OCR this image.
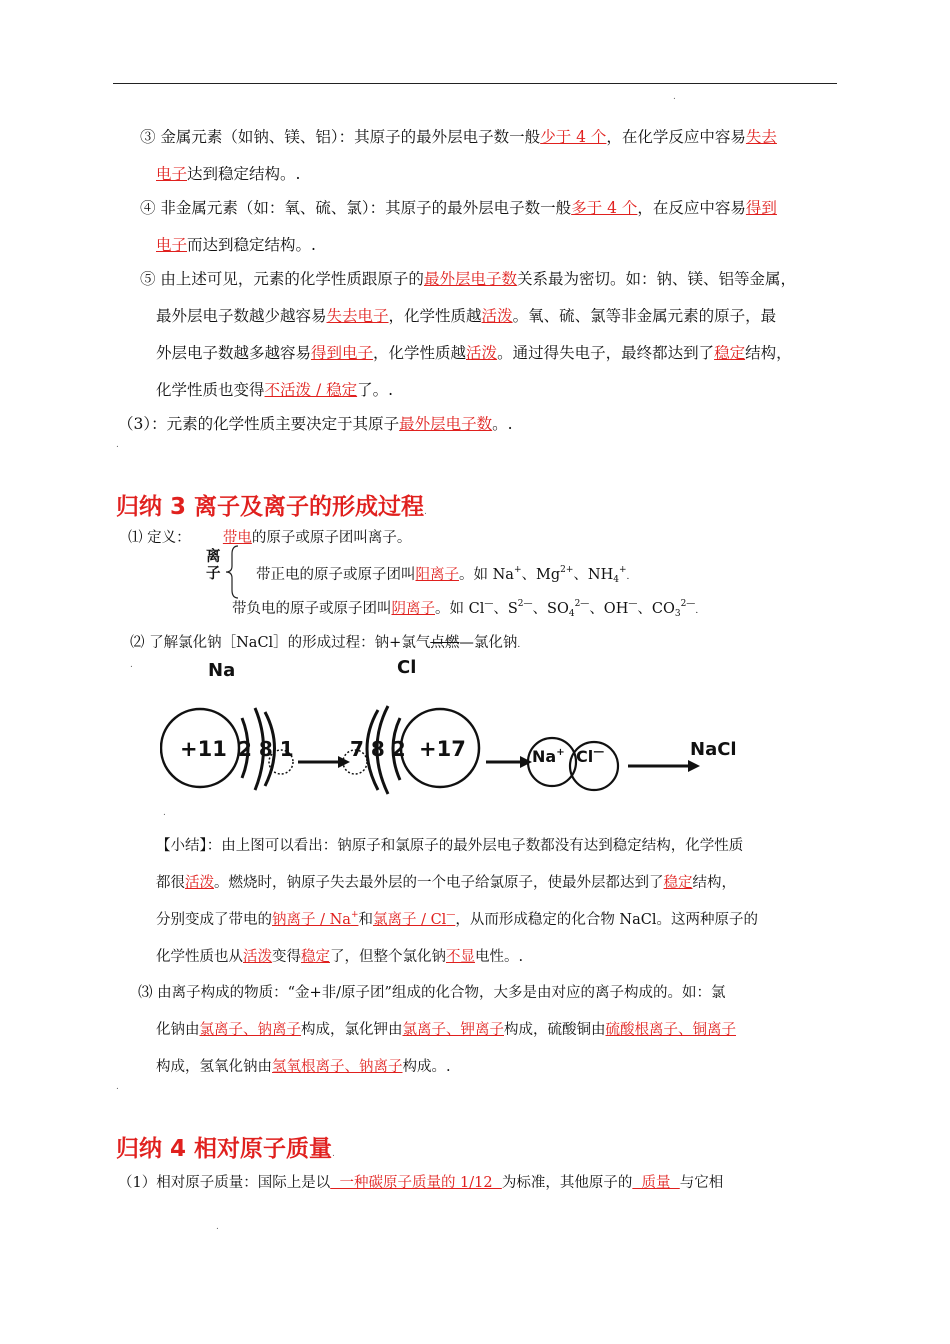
.
③ 金属元素（如钠、镁、铝）：其原子的最外层电子数一般少于 4 个，在化学反应中容易失去
电子达到稳定结构。.
④ 非金属元素（如：氧、硫、氯）：其原子的最外层电子数一般多于 4 个，在反应中容易得到
电子而达到稳定结构。.
⑤ 由上述可见，元素的化学性质跟原子的最外层电子数关系最为密切。如：钠、镁、铝等金属，
最外层电子数越少越容易失去电子，化学性质越活泼。氧、硫、氯等非金属元素的原子，最
外层电子数越多越容易得到电子，化学性质越活泼。通过得失电子，最终都达到了稳定结构，
化学性质也变得不活泼 / 稳定了。.
（3）：元素的化学性质主要决定于其原子最外层电子数。.
.
归纳 3 离子及离子的形成过程.
⑴ 定义： 带电的原子或原子团叫离子。
离
子 带正电的原子或原子团叫阳离子。如 Na+、$Mg^{2+}$、$NH_4^+$.
带负电的原子或原子团叫阴离子。如 Cl—、$S^{2—}$、$SO_4^{2—}$、OH—、$CO_3^{2—}$.
⑵ 了解氯化钠［NaCl］的形成过程：钠+氯气点燃—氯化钠.
.	Na	Cl
+11 2 8 1	7 8 2 +17	Na+ Cl—	NaCl
.
【小结】：由上图可以看出：钠原子和氯原子的最外层电子数都没有达到稳定结构，化学性质
都很活泼。燃烧时，钠原子失去最外层的一个电子给氯原子，使最外层都达到了稳定结构，
分别变成了带电的钠离子 / Na+和氯离子 / Cl—，从而形成稳定的化合物 NaCl。这两种原子的
化学性质也从活泼变得稳定了，但整个氯化钠不显电性。.
⑶ 由离子构成的物质：“金+非/原子团”组成的化合物，大多是由对应的离子构成的。如：氯
化钠由氯离子、钠离子构成，氯化钾由氯离子、钾离子构成，硫酸铜由硫酸根离子、铜离子
构成，氢氧化钠由氢氧根离子、钠离子构成。.
.
归纳 4 相对原子质量.
（1）相对原子质量：国际上是以  一种碳原子质量的 1/12  为标准，其他原子的  质量  与它相
.
